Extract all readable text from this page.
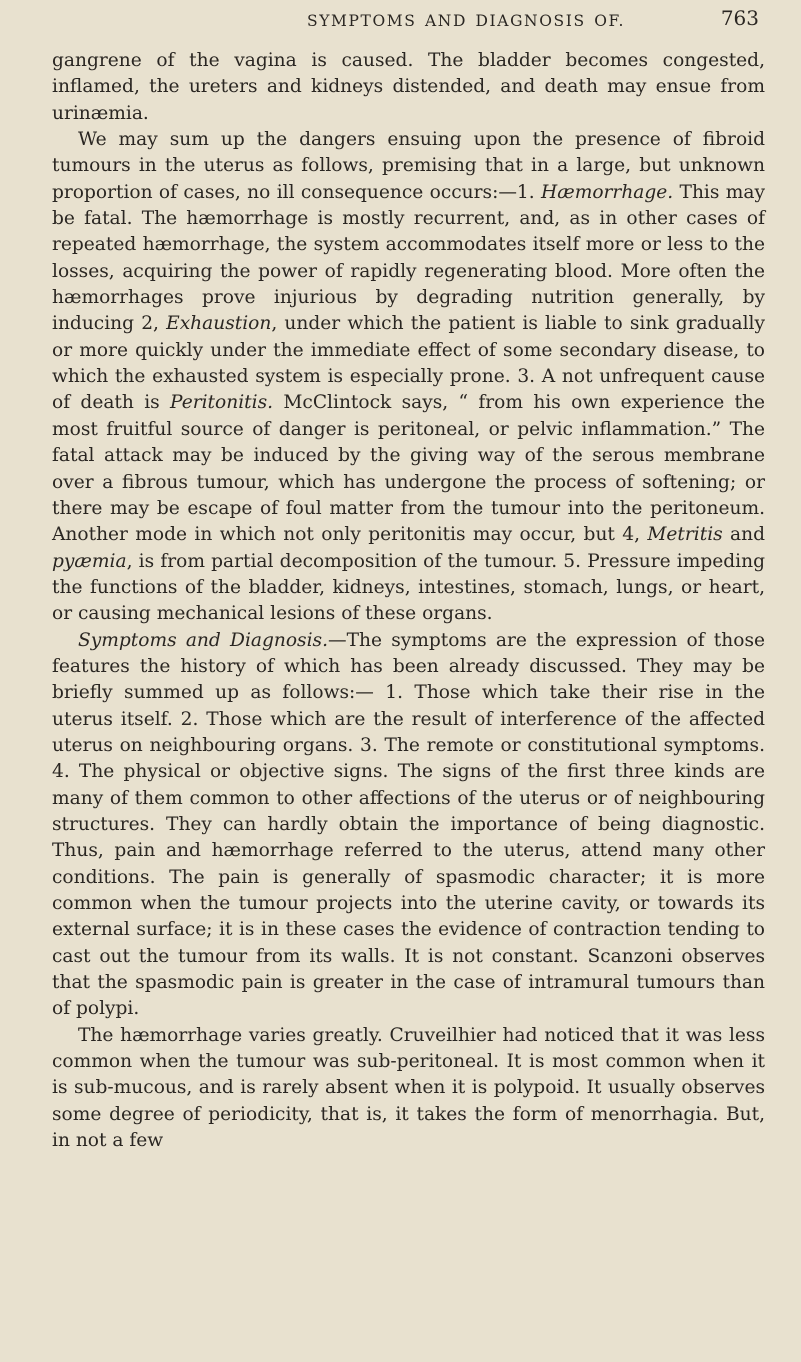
SYMPTOMS AND DIAGNOSIS OF.	763

gangrene of the vagina is caused. The bladder becomes congested, inflamed, the ureters and kidneys distended, and death may ensue from urinæmia.

We may sum up the dangers ensuing upon the presence of fibroid tumours in the uterus as follows, premising that in a large, but unknown proportion of cases, no ill consequence occurs:—1. Hæmorrhage. This may be fatal. The hæmorrhage is mostly recurrent, and, as in other cases of repeated hæmorrhage, the system accommodates itself more or less to the losses, acquiring the power of rapidly regenerating blood. More often the hæmorrhages prove injurious by degrading nutrition generally, by inducing 2, Exhaustion, under which the patient is liable to sink gradually or more quickly under the immediate effect of some secondary disease, to which the exhausted system is especially prone. 3. A not unfrequent cause of death is Peritonitis. McClintock says, “ from his own experience the most fruitful source of danger is peritoneal, or pelvic inflammation.” The fatal attack may be induced by the giving way of the serous membrane over a fibrous tumour, which has undergone the process of softening; or there may be escape of foul matter from the tumour into the peritoneum. Another mode in which not only peritonitis may occur, but 4, Metritis and pyæmia, is from partial decomposition of the tumour. 5. Pressure impeding the functions of the bladder, kidneys, intestines, stomach, lungs, or heart, or causing mechanical lesions of these organs.

Symptoms and Diagnosis.—The symptoms are the expression of those features the history of which has been already discussed. They may be briefly summed up as follows:— 1. Those which take their rise in the uterus itself. 2. Those which are the result of interference of the affected uterus on neighbouring organs. 3. The remote or constitutional symptoms. 4. The physical or objective signs. The signs of the first three kinds are many of them common to other affections of the uterus or of neighbouring structures. They can hardly obtain the importance of being diagnostic. Thus, pain and hæmorrhage referred to the uterus, attend many other conditions. The pain is generally of spasmodic character; it is more common when the tumour projects into the uterine cavity, or towards its external surface; it is in these cases the evidence of contraction tending to cast out the tumour from its walls. It is not constant. Scanzoni observes that the spasmodic pain is greater in the case of intramural tumours than of polypi.

The hæmorrhage varies greatly. Cruveilhier had noticed that it was less common when the tumour was sub-peritoneal. It is most common when it is sub-mucous, and is rarely absent when it is polypoid. It usually observes some degree of periodicity, that is, it takes the form of menorrhagia. But, in not a few
